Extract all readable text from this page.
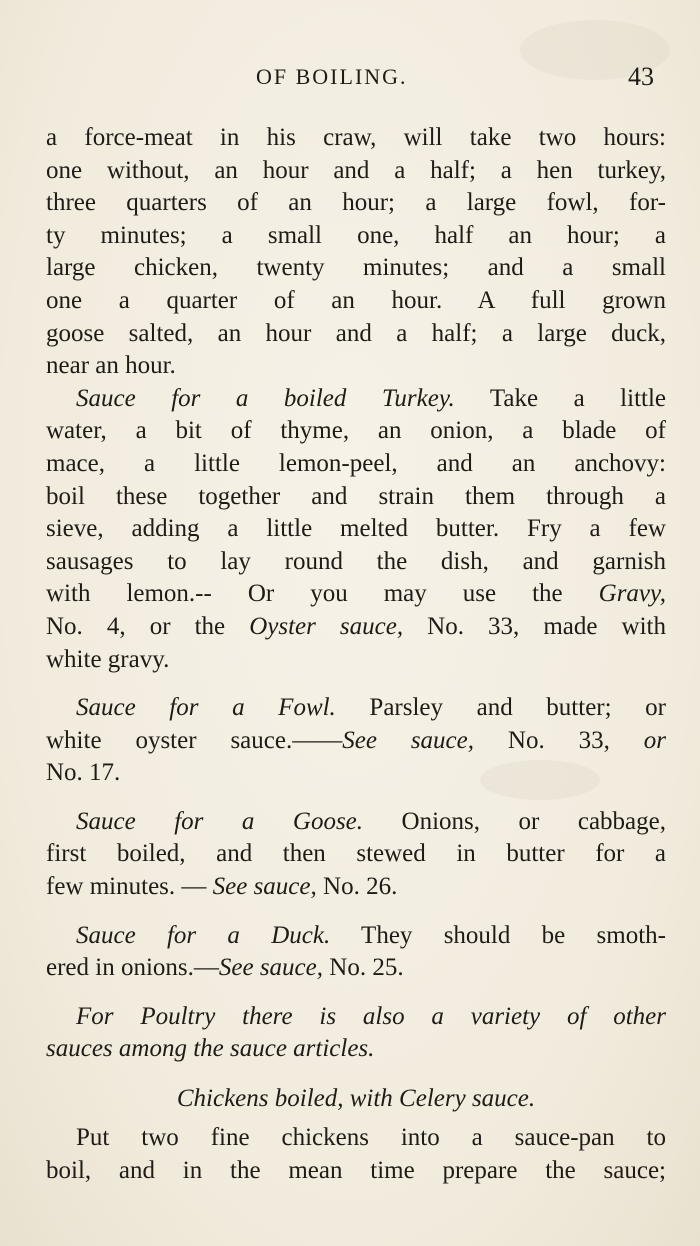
OF BOILING.	43
a force-meat in his craw, will take two hours:
one without, an hour and a half; a hen turkey,
three quarters of an hour; a large fowl, for-
ty minutes; a small one, half an hour; a
large chicken, twenty minutes; and a small
one a quarter of an hour. A full grown
goose salted, an hour and a half; a large duck,
near an hour.
Sauce for a boiled Turkey. Take a little
water, a bit of thyme, an onion, a blade of
mace, a little lemon-peel, and an anchovy:
boil these together and strain them through a
sieve, adding a little melted butter. Fry a few
sausages to lay round the dish, and garnish
with lemon.-- Or you may use the Gravy,
No. 4, or the Oyster sauce, No. 33, made with
white gravy.
Sauce for a Fowl. Parsley and butter; or
white oyster sauce.——See sauce, No. 33, or
No. 17.
Sauce for a Goose. Onions, or cabbage,
first boiled, and then stewed in butter for a
few minutes. — See sauce, No. 26.
Sauce for a Duck. They should be smoth-
ered in onions.—See sauce, No. 25.
For Poultry there is also a variety of other
sauces among the sauce articles.
Chickens boiled, with Celery sauce.
Put two fine chickens into a sauce-pan to
boil, and in the mean time prepare the sauce;
